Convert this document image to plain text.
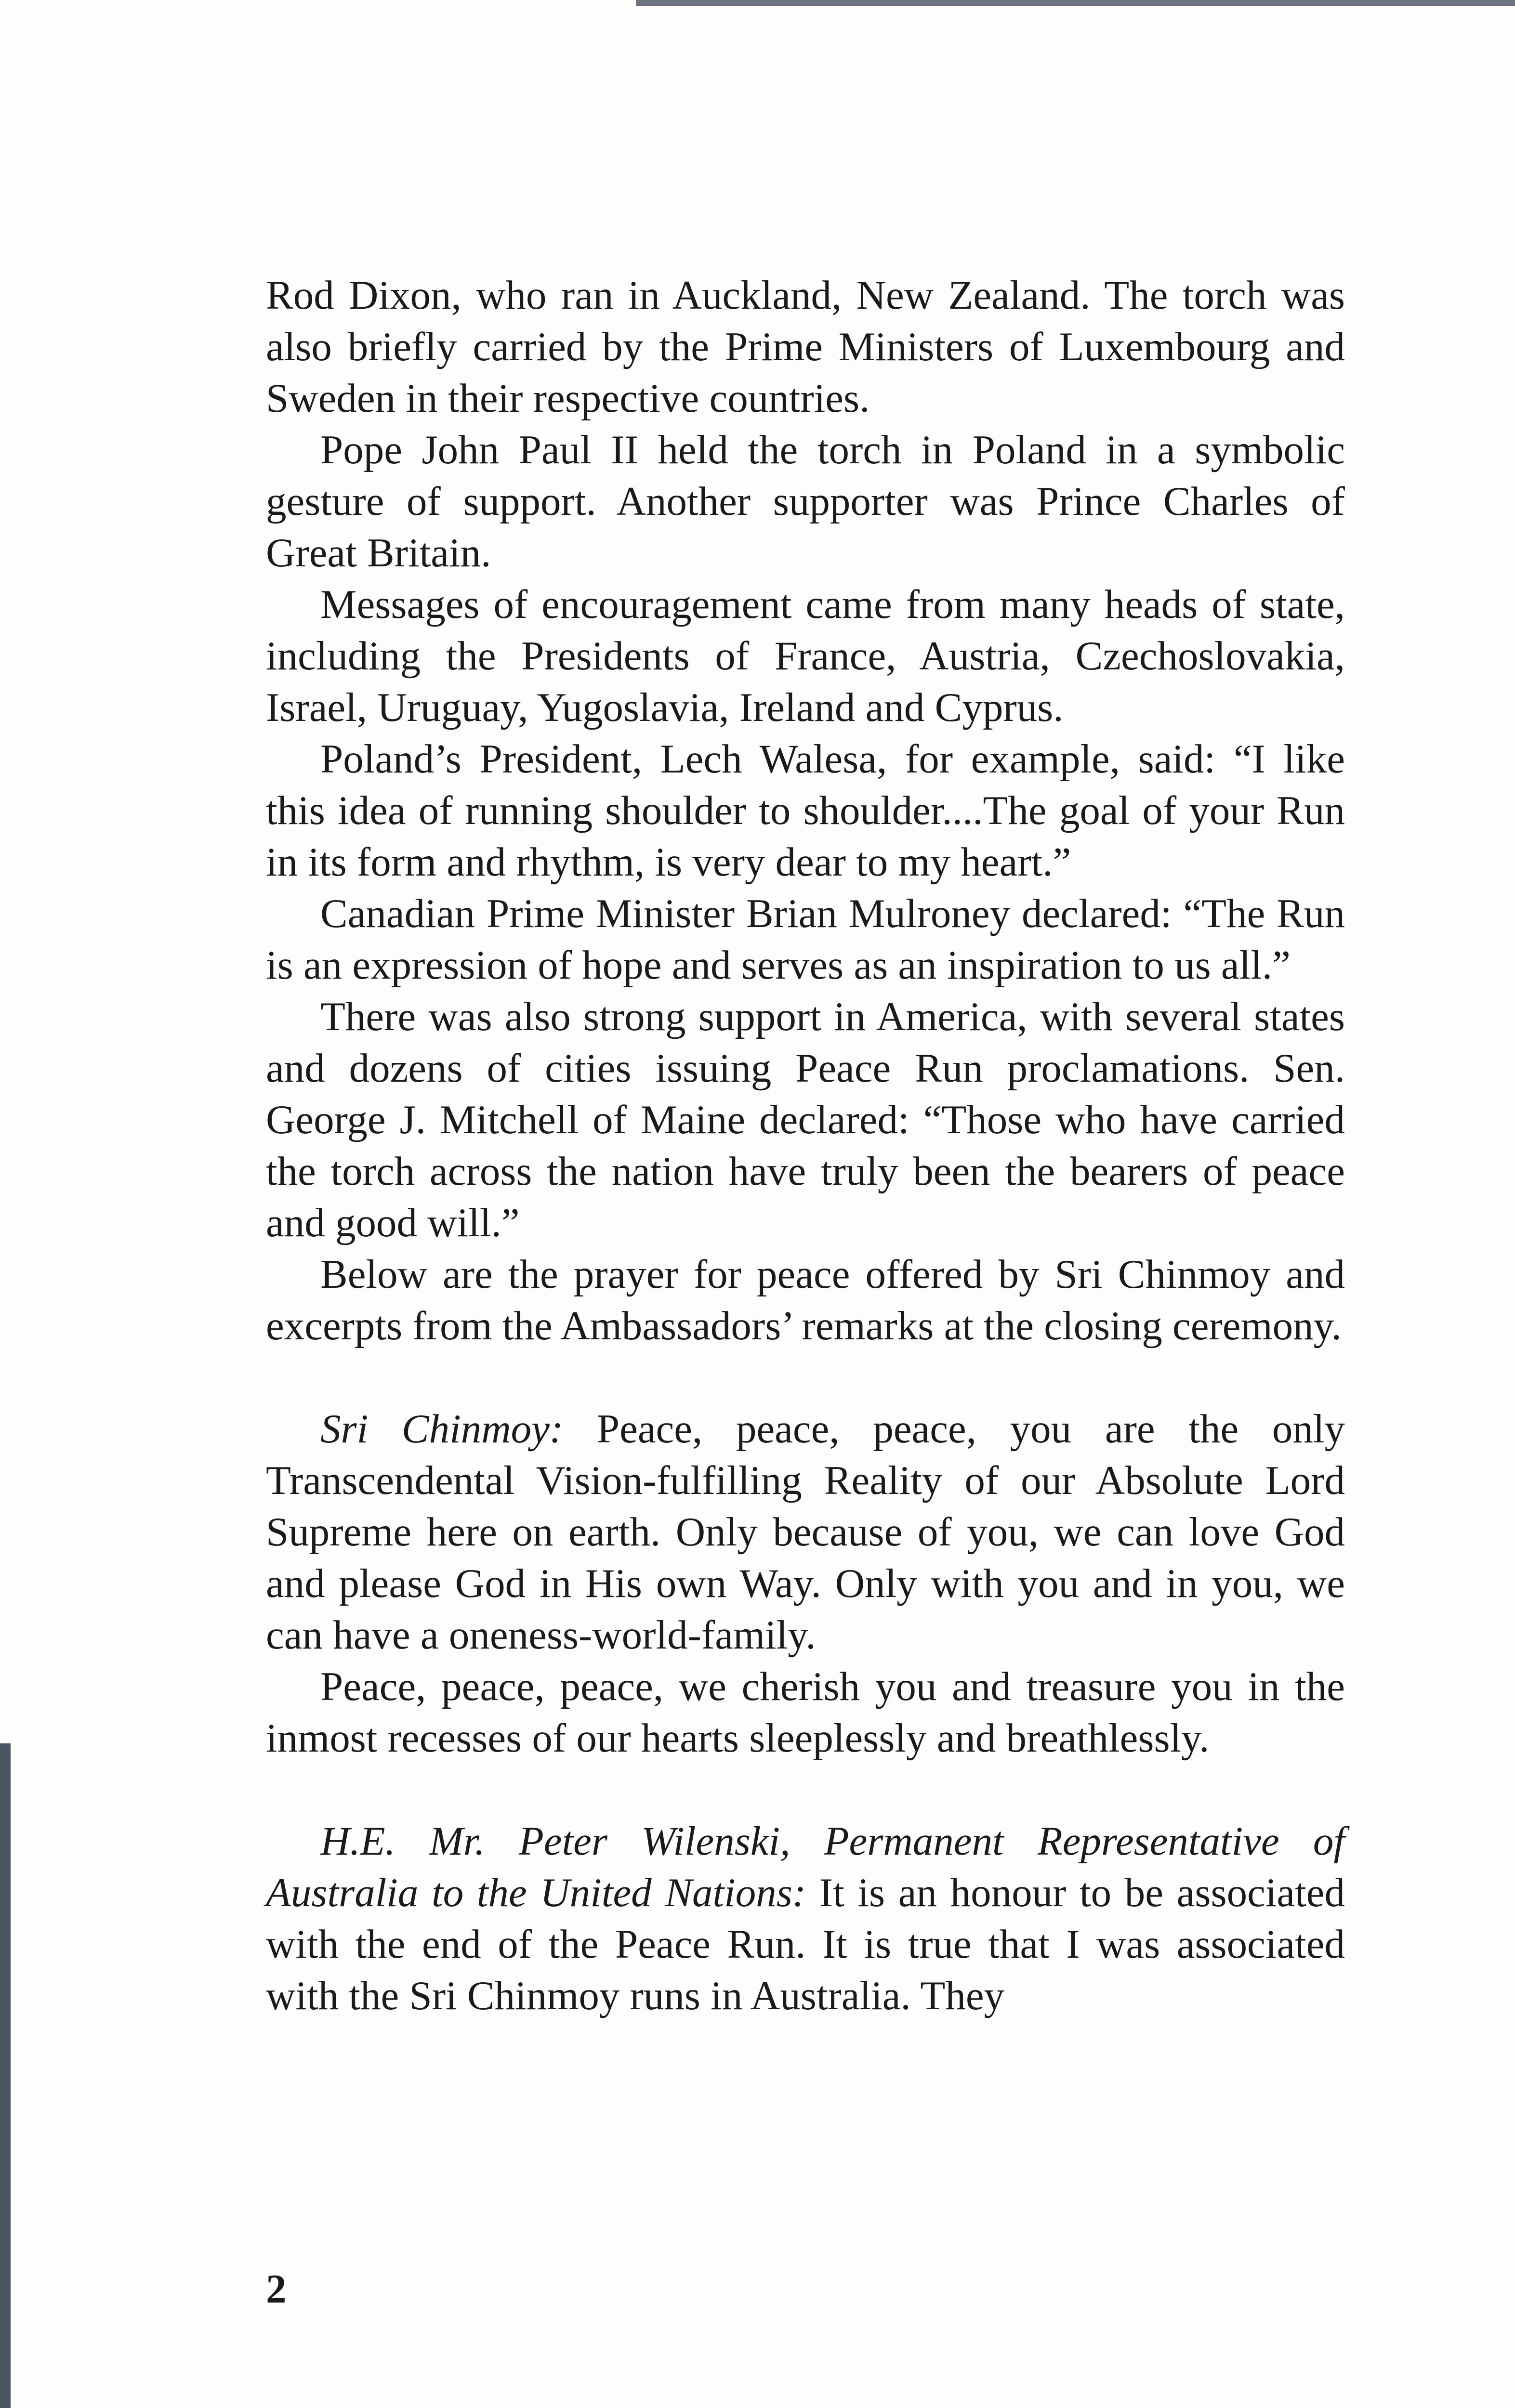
Rod Dixon, who ran in Auckland, New Zealand. The torch was also briefly carried by the Prime Ministers of Luxembourg and Sweden in their respective countries.

Pope John Paul II held the torch in Poland in a symbolic gesture of support. Another supporter was Prince Charles of Great Britain.

Messages of encouragement came from many heads of state, including the Presidents of France, Austria, Czechoslovakia, Israel, Uruguay, Yugoslavia, Ireland and Cyprus.

Poland’s President, Lech Walesa, for example, said: “I like this idea of running shoulder to shoulder....The goal of your Run in its form and rhythm, is very dear to my heart.”

Canadian Prime Minister Brian Mulroney declared: “The Run is an expression of hope and serves as an inspiration to us all.”

There was also strong support in America, with several states and dozens of cities issuing Peace Run proclamations. Sen. George J. Mitchell of Maine declared: “Those who have carried the torch across the nation have truly been the bearers of peace and good will.”

Below are the prayer for peace offered by Sri Chinmoy and excerpts from the Ambassadors’ remarks at the closing ceremony.

Sri Chinmoy: Peace, peace, peace, you are the only Transcendental Vision-fulfilling Reality of our Absolute Lord Supreme here on earth. Only because of you, we can love God and please God in His own Way. Only with you and in you, we can have a oneness-world-family.

Peace, peace, peace, we cherish you and treasure you in the inmost recesses of our hearts sleeplessly and breathlessly.

H.E. Mr. Peter Wilenski, Permanent Representative of Australia to the United Nations: It is an honour to be associated with the end of the Peace Run. It is true that I was associated with the Sri Chinmoy runs in Australia. They

2
